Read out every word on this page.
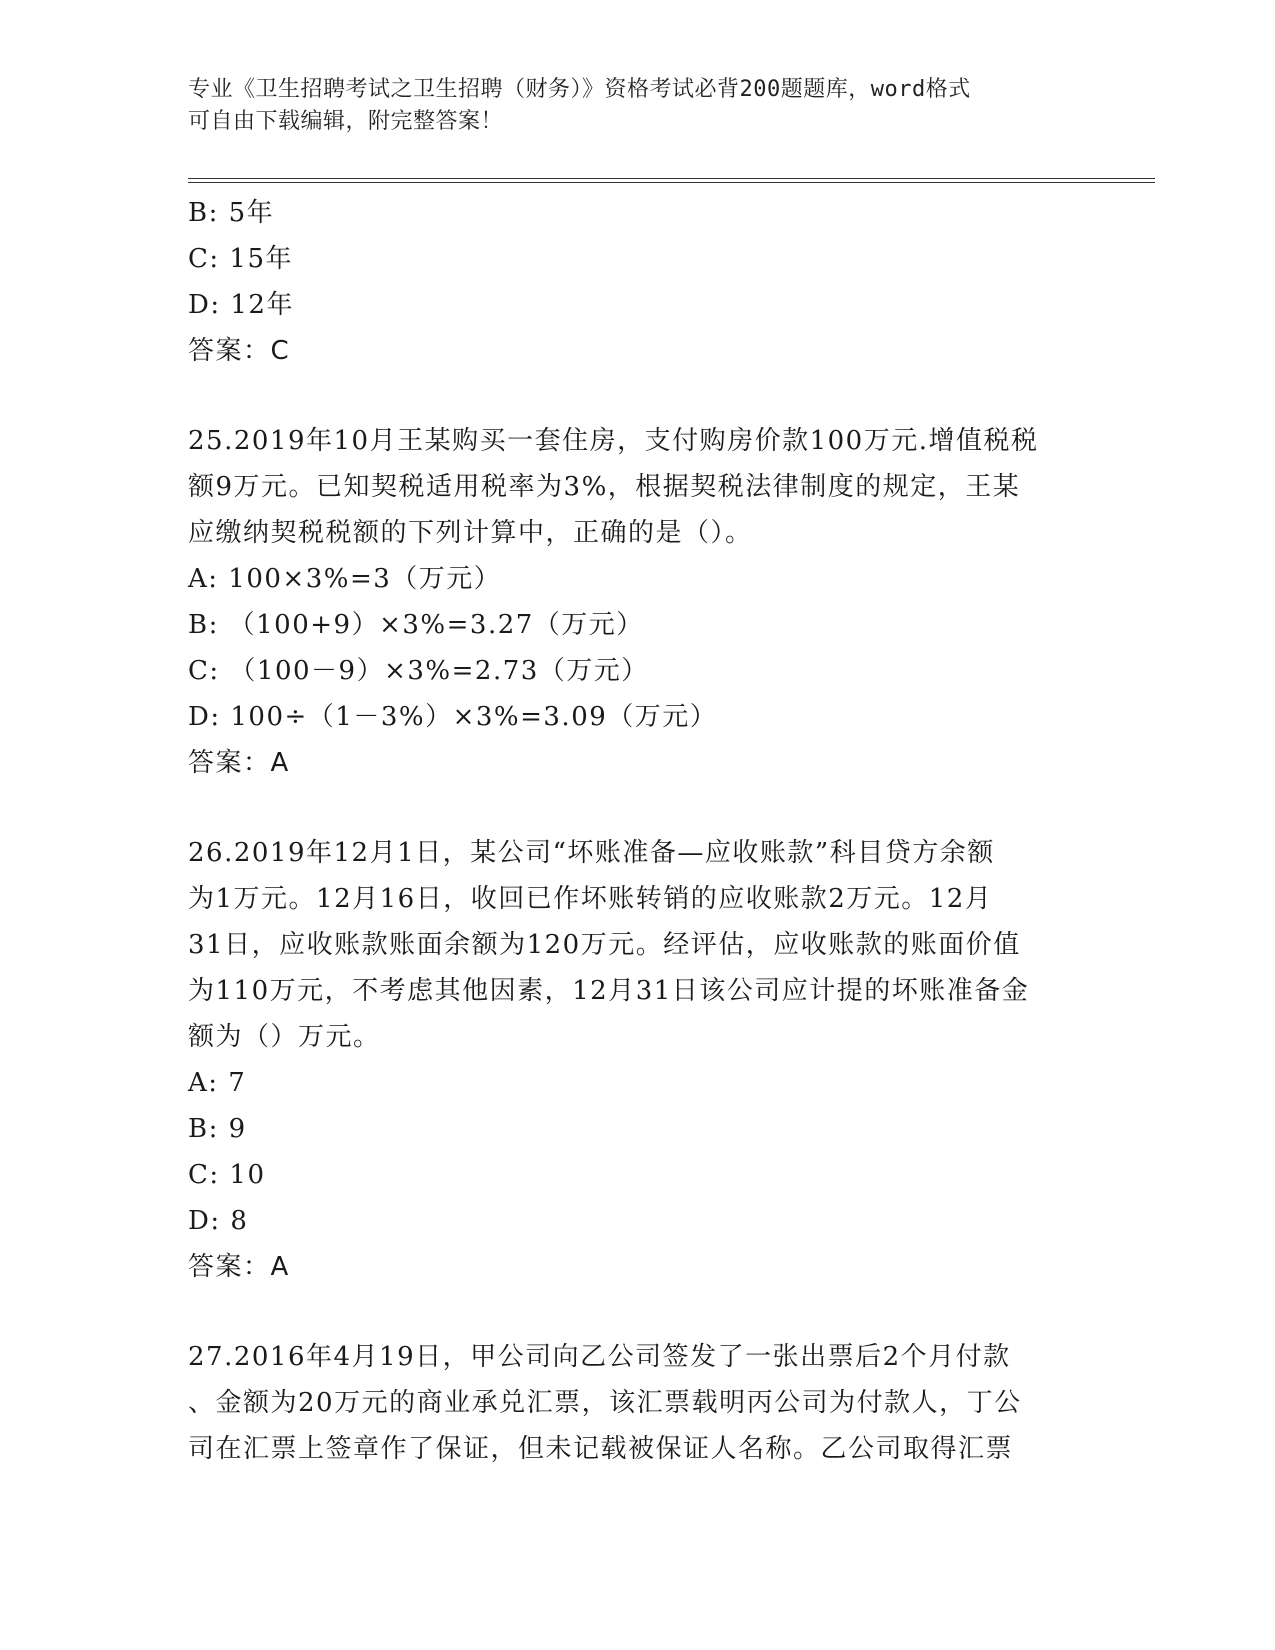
专业《卫生招聘考试之卫生招聘（财务）》资格考试必背200题题库，word格式
可自由下载编辑，附完整答案！
B: 5年
C: 15年
D: 12年
答案：C
25.2019年10月王某购买一套住房，支付购房价款100万元.增值税税
额9万元。已知契税适用税率为3%，根据契税法律制度的规定，王某
应缴纳契税税额的下列计算中，正确的是（）。
A: 100×3%=3（万元）
B: （100+9）×3%=3.27（万元）
C: （100－9）×3%=2.73（万元）
D: 100÷（1－3%）×3%=3.09（万元）
答案：A
26.2019年12月1日，某公司“坏账准备—应收账款”科目贷方余额
为1万元。12月16日，收回已作坏账转销的应收账款2万元。12月
31日，应收账款账面余额为120万元。经评估，应收账款的账面价值
为110万元，不考虑其他因素，12月31日该公司应计提的坏账准备金
额为（）万元。
A: 7
B: 9
C: 10
D: 8
答案：A
27.2016年4月19日，甲公司向乙公司签发了一张出票后2个月付款
、金额为20万元的商业承兑汇票，该汇票载明丙公司为付款人，丁公
司在汇票上签章作了保证，但未记载被保证人名称。乙公司取得汇票
